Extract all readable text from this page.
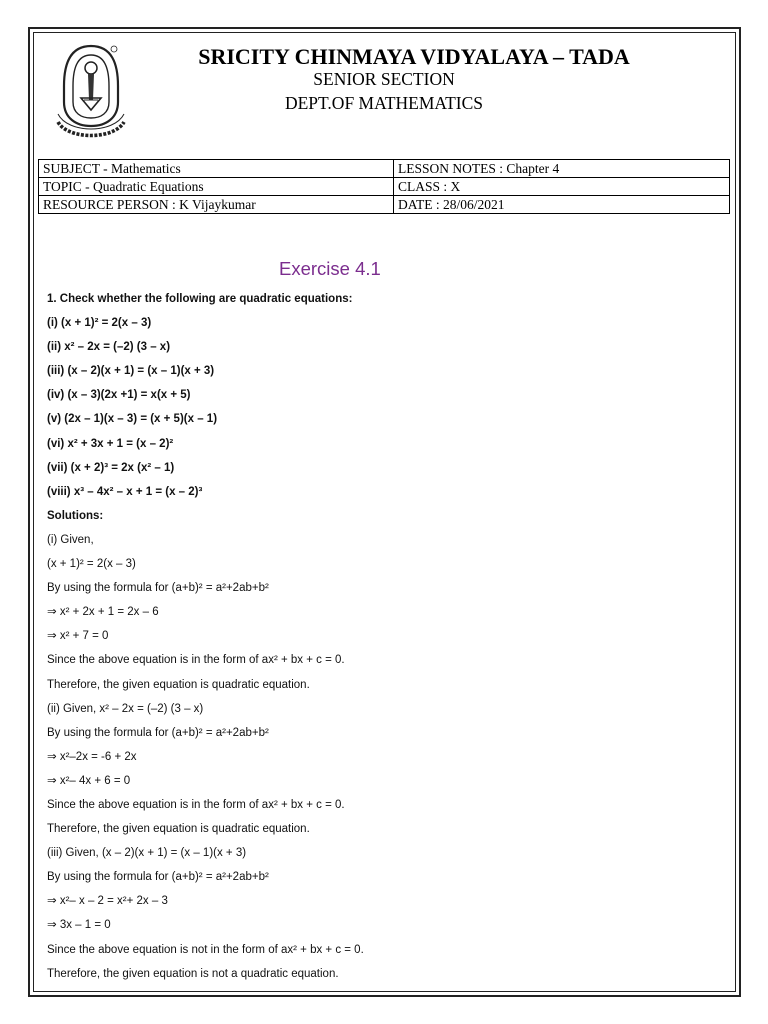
SRICITY CHINMAYA VIDYALAYA – TADA
SENIOR SECTION
DEPT.OF MATHEMATICS
SUBJECT - Mathematics	LESSON NOTES : Chapter 4
TOPIC - Quadratic Equations	CLASS : X
RESOURCE PERSON : K Vijaykumar	DATE : 28/06/2021
Exercise 4.1
1. Check whether the following are quadratic equations:
(i) (x + 1)² = 2(x – 3)
(ii) x² – 2x = (–2) (3 – x)
(iii) (x – 2)(x + 1) = (x – 1)(x + 3)
(iv) (x – 3)(2x +1) = x(x + 5)
(v) (2x – 1)(x – 3) = (x + 5)(x – 1)
(vi) x² + 3x + 1 = (x – 2)²
(vii) (x + 2)³ = 2x (x² – 1)
(viii) x³ – 4x² – x + 1 = (x – 2)³
Solutions:
(i) Given,
(x + 1)² = 2(x – 3)
By using the formula for (a+b)² = a²+2ab+b²
⇒ x² + 2x + 1 = 2x – 6
⇒ x² + 7 = 0
Since the above equation is in the form of ax² + bx + c = 0.
Therefore, the given equation is quadratic equation.
(ii) Given, x² – 2x = (–2) (3 – x)
By using the formula for (a+b)² = a²+2ab+b²
⇒ x²–2x = -6 + 2x
⇒ x²– 4x + 6 = 0
Since the above equation is in the form of ax² + bx + c = 0.
Therefore, the given equation is quadratic equation.
(iii) Given, (x – 2)(x + 1) = (x – 1)(x + 3)
By using the formula for (a+b)² = a²+2ab+b²
⇒ x²– x – 2 = x²+ 2x – 3
⇒ 3x – 1 = 0
Since the above equation is not in the form of ax² + bx + c = 0.
Therefore, the given equation is not a quadratic equation.
